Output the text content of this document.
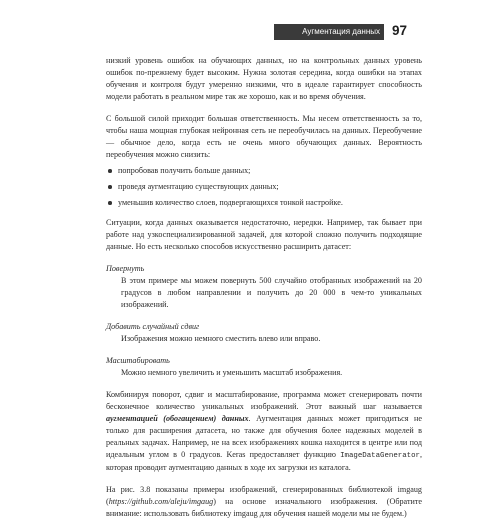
Аугментация данных 97

низкий уровень ошибок на обучающих данных, но на контрольных данных уровень ошибок по-прежнему будет высоким. Нужна золотая середина, когда ошибки на этапах обучения и контроля будут умеренно низкими, что в идеале гарантирует способность модели работать в реальном мире так же хорошо, как и во время обучения.

С большой силой приходит большая ответственность. Мы несем ответственность за то, чтобы наша мощная глубокая нейронная сеть не переобучилась на данных. Переобучение — обычное дело, когда есть не очень много обучающих данных. Вероятность переобучения можно снизить:

попробовав получить больше данных;
проведя аугментацию существующих данных;
уменьшив количество слоев, подвергающихся тонкой настройке.

Ситуации, когда данных оказывается недостаточно, нередки. Например, так бывает при работе над узкоспециализированной задачей, для которой сложно получить подходящие данные. Но есть несколько способов искусственно расширить датасет:

Повернуть

В этом примере мы можем повернуть 500 случайно отобранных изображений на 20 градусов в любом направлении и получить до 20 000 в чем-то уникальных изображений.

Добавить случайный сдвиг

Изображения можно немного сместить влево или вправо.

Масштабировать

Можно немного увеличить и уменьшить масштаб изображения.

Комбинируя поворот, сдвиг и масштабирование, программа может сгенерировать почти бесконечное количество уникальных изображений. Этот важный шаг называется аугментацией (обогащением) данных. Аугментация данных может пригодиться не только для расширения датасета, но также для обучения более надежных моделей в реальных задачах. Например, не на всех изображениях кошка находится в центре или под идеальным углом в 0 градусов. Keras предоставляет функцию ImageDataGenerator, которая проводит аугментацию данных в ходе их загрузки из каталога.

На рис. 3.8 показаны примеры изображений, сгенерированных библиотекой imgaug (https://github.com/aleju/imgaug) на основе изначального изображения. (Обратите внимание: использовать библиотеку imgaug для обучения нашей модели мы не будем.)
